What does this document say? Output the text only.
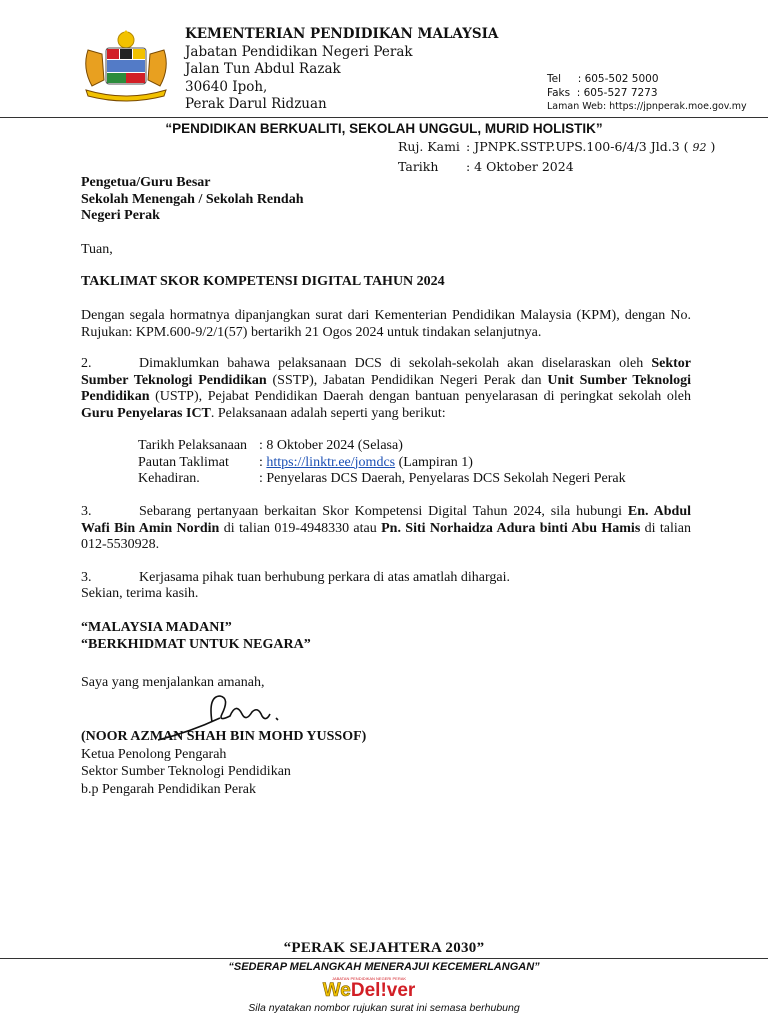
KEMENTERIAN PENDIDIKAN MALAYSIA
Jabatan Pendidikan Negeri Perak
Jalan Tun Abdul Razak
30640 Ipoh,
Perak Darul Ridzuan
Tel     : 605-502 5000
Faks  : 605-527 7273
Laman Web: https://jpnperak.moe.gov.my
“PENDIDIKAN BERKUALITI, SEKOLAH UNGGUL, MURID HOLISTIK”
Ruj. Kami : JPNPK.SSTP.UPS.100-6/4/3 Jld.3 ( 92 )
Tarikh : 4 Oktober 2024
Pengetua/Guru Besar
Sekolah Menengah / Sekolah Rendah
Negeri Perak
Tuan,
TAKLIMAT SKOR KOMPETENSI DIGITAL TAHUN 2024
Dengan segala hormatnya dipanjangkan surat dari Kementerian Pendidikan Malaysia (KPM), dengan No. Rujukan: KPM.600-9/2/1(57) bertarikh 21 Ogos 2024 untuk tindakan selanjutnya.
2.	Dimaklumkan bahawa pelaksanaan DCS di sekolah-sekolah akan diselaraskan oleh Sektor Sumber Teknologi Pendidikan (SSTP), Jabatan Pendidikan Negeri Perak dan Unit Sumber Teknologi Pendidikan (USTP), Pejabat Pendidikan Daerah dengan bantuan penyelarasan di peringkat sekolah oleh Guru Penyelaras ICT. Pelaksanaan adalah seperti yang berikut:
Tarikh Pelaksanaan : 8 Oktober 2024 (Selasa)
Pautan Taklimat : https://linktr.ee/jomdcs (Lampiran 1)
Kehadiran.	: Penyelaras DCS Daerah, Penyelaras DCS Sekolah Negeri Perak
3.	Sebarang pertanyaan berkaitan Skor Kompetensi Digital Tahun 2024, sila hubungi En. Abdul Wafi Bin Amin Nordin di talian 019-4948330 atau Pn. Siti Norhaidza Adura binti Abu Hamis di talian 012-5530928.
3.	Kerjasama pihak tuan berhubung perkara di atas amatlah dihargai.
Sekian, terima kasih.
“MALAYSIA MADANI”
“BERKHIDMAT UNTUK NEGARA”
Saya yang menjalankan amanah,
(NOOR AZMAN SHAH BIN MOHD YUSSOF)
Ketua Penolong Pengarah
Sektor Sumber Teknologi Pendidikan
b.p Pengarah Pendidikan Perak
“PERAK SEJAHTERA 2030”
“SEDERAP MELANGKAH MENERAJUI KECEMERLANGAN”
JABATAN PENDIDIKAN NEGERI PERAK
WeDel!ver
Sila nyatakan nombor rujukan surat ini semasa berhubung
